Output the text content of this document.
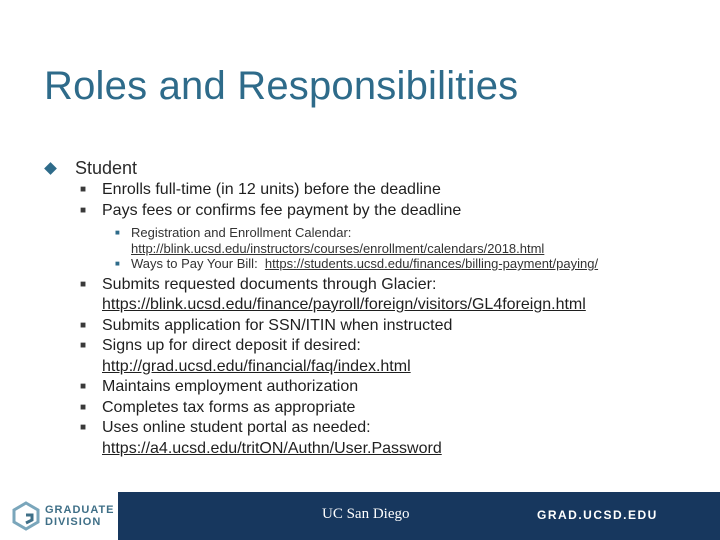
Roles and Responsibilities
Student
■ Enrolls full-time (in 12 units) before the deadline
■ Pays fees or confirms fee payment by the deadline
■ Registration and Enrollment Calendar:
http://blink.ucsd.edu/instructors/courses/enrollment/calendars/2018.html
■ Ways to Pay Your Bill: https://students.ucsd.edu/finances/billing-payment/paying/
■ Submits requested documents through Glacier:
https://blink.ucsd.edu/finance/payroll/foreign/visitors/GL4foreign.html
■ Submits application for SSN/ITIN when instructed
■ Signs up for direct deposit if desired:
http://grad.ucsd.edu/financial/faq/index.html
■ Maintains employment authorization
■ Completes tax forms as appropriate
■ Uses online student portal as needed:
https://a4.ucsd.edu/tritON/Authn/User.Password
GRADUATE
DIVISION	UC San Diego	GRAD.UCSD.EDU
